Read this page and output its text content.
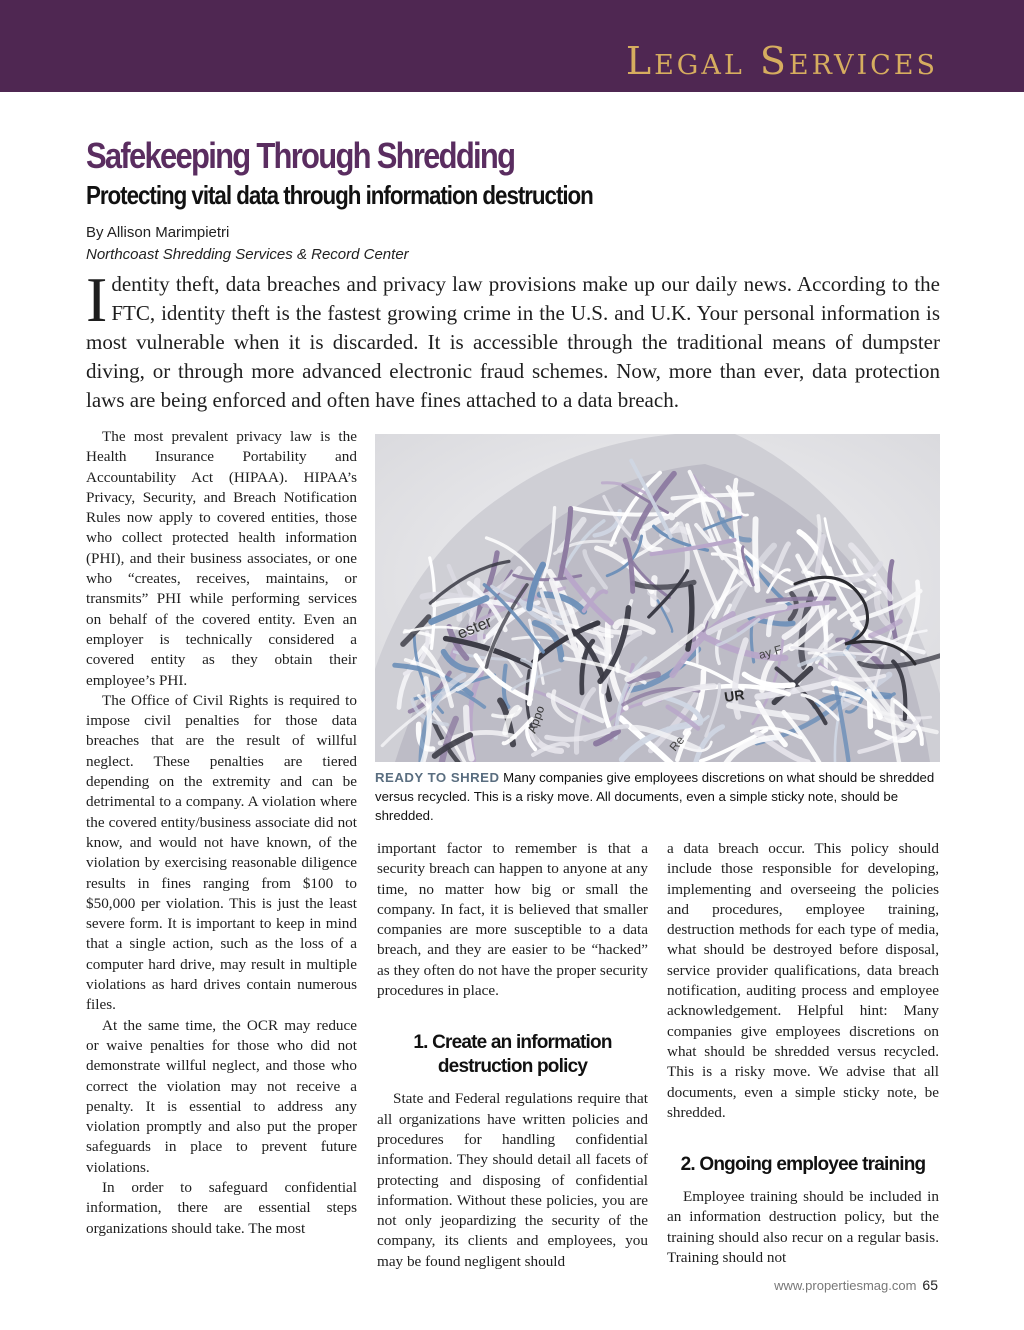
Legal Services
Safekeeping Through Shredding
Protecting vital data through information destruction
By Allison Marimpietri
Northcoast Shredding Services & Record Center

Identity theft, data breaches and privacy law provisions make up our daily news. According to the FTC, identity theft is the fastest growing crime in the U.S. and U.K. Your personal information is most vulnerable when it is discarded. It is accessible through the traditional means of dumpster diving, or through more advanced electronic fraud schemes. Now, more than ever, data protection laws are being enforced and often have fines attached to a data breach.

The most prevalent privacy law is the Health Insurance Portability and Accountability Act (HIPAA). HIPAA’s Privacy, Security, and Breach Notification Rules now apply to covered entities, those who collect protected health information (PHI), and their business associates, or one who “creates, receives, maintains, or transmits” PHI while performing services on behalf of the covered entity. Even an employer is technically considered a covered entity as they obtain their employee’s PHI.

The Office of Civil Rights is required to impose civil penalties for those data breaches that are the result of willful neglect. These penalties are tiered depending on the extremity and can be detrimental to a company. A violation where the covered entity/business associate did not know, and would not have known, of the violation by exercising reasonable diligence results in fines ranging from $100 to $50,000 per violation. This is just the least severe form. It is important to keep in mind that a single action, such as the loss of a computer hard drive, may result in multiple violations as hard drives contain numerous files.

At the same time, the OCR may reduce or waive penalties for those who did not demonstrate willful neglect, and those who correct the violation may not receive a penalty. It is essential to address any violation promptly and also put the proper safeguards in place to prevent future violations.

In order to safeguard confidential information, there are essential steps organizations should take. The most

ester
Appo
ay F
UR
Re

READY TO SHRED Many companies give employees discretions on what should be shredded versus recycled. This is a risky move. All documents, even a simple sticky note, should be shredded.

important factor to remember is that a security breach can happen to anyone at any time, no matter how big or small the company. In fact, it is believed that smaller companies are more susceptible to a data breach, and they are easier to be “hacked” as they often do not have the proper security procedures in place.

1. Create an information
destruction policy

State and Federal regulations require that all organizations have written policies and procedures for handling confidential information. They should detail all facets of protecting and disposing of confidential information. Without these policies, you are not only jeopardizing the security of the company, its clients and employees, you may be found negligent should

a data breach occur. This policy should include those responsible for developing, implementing and overseeing the policies and procedures, employee training, destruction methods for each type of media, what should be destroyed before disposal, service provider qualifications, data breach notification, auditing process and employee acknowledgement. Helpful hint: Many companies give employees discretions on what should be shredded versus recycled. This is a risky move. We advise that all documents, even a simple sticky note, be shredded.

2. Ongoing employee training

Employee training should be included in an information destruction policy, but the training should also recur on a regular basis. Training should not

www.propertiesmag.com 65
